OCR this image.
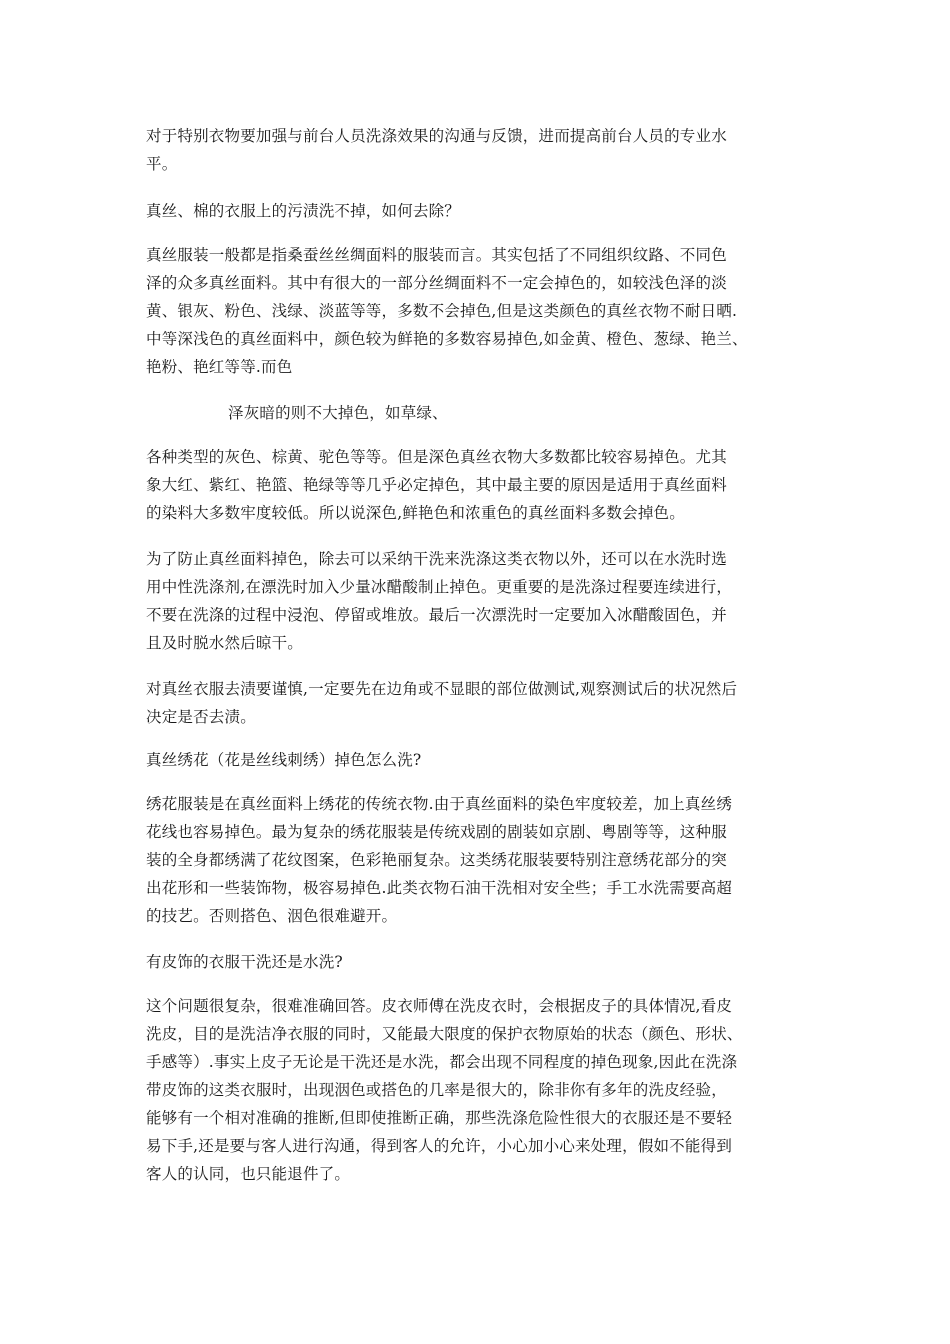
对于特别衣物要加强与前台人员洗涤效果的沟通与反馈，进而提高前台人员的专业水
平。

真丝、棉的衣服上的污渍洗不掉，如何去除？

真丝服装一般都是指桑蚕丝丝绸面料的服装而言。其实包括了不同组织纹路、不同色
泽的众多真丝面料。其中有很大的一部分丝绸面料不一定会掉色的，如较浅色泽的淡
黄、银灰、粉色、浅绿、淡蓝等等，多数不会掉色,但是这类颜色的真丝衣物不耐日晒.
中等深浅色的真丝面料中，颜色较为鲜艳的多数容易掉色,如金黄、橙色、葱绿、艳兰、
艳粉、艳红等等.而色

泽灰暗的则不大掉色，如草绿、

各种类型的灰色、棕黄、驼色等等。但是深色真丝衣物大多数都比较容易掉色。尤其
象大红、紫红、艳篮、艳绿等等几乎必定掉色，其中最主要的原因是适用于真丝面料
的染料大多数牢度较低。所以说深色,鲜艳色和浓重色的真丝面料多数会掉色。

为了防止真丝面料掉色，除去可以采纳干洗来洗涤这类衣物以外，还可以在水洗时选
用中性洗涤剂,在漂洗时加入少量冰醋酸制止掉色。更重要的是洗涤过程要连续进行，
不要在洗涤的过程中浸泡、停留或堆放。最后一次漂洗时一定要加入冰醋酸固色，并
且及时脱水然后晾干。

对真丝衣服去渍要谨慎,一定要先在边角或不显眼的部位做测试,观察测试后的状况然后
决定是否去渍。

真丝绣花（花是丝线刺绣）掉色怎么洗?

绣花服装是在真丝面料上绣花的传统衣物.由于真丝面料的染色牢度较差，加上真丝绣
花线也容易掉色。最为复杂的绣花服装是传统戏剧的剧装如京剧、粤剧等等，这种服
装的全身都绣满了花纹图案，色彩艳丽复杂。这类绣花服装要特别注意绣花部分的突
出花形和一些装饰物，极容易掉色.此类衣物石油干洗相对安全些；手工水洗需要高超
的技艺。否则搭色、洇色很难避开。

有皮饰的衣服干洗还是水洗?

这个问题很复杂，很难准确回答。皮衣师傅在洗皮衣时，会根据皮子的具体情况,看皮
洗皮，目的是洗洁净衣服的同时，又能最大限度的保护衣物原始的状态（颜色、形状、
手感等）.事实上皮子无论是干洗还是水洗，都会出现不同程度的掉色现象,因此在洗涤
带皮饰的这类衣服时，出现洇色或搭色的几率是很大的，除非你有多年的洗皮经验，
能够有一个相对准确的推断,但即使推断正确，那些洗涤危险性很大的衣服还是不要轻
易下手,还是要与客人进行沟通，得到客人的允许，小心加小心来处理，假如不能得到
客人的认同，也只能退件了。
